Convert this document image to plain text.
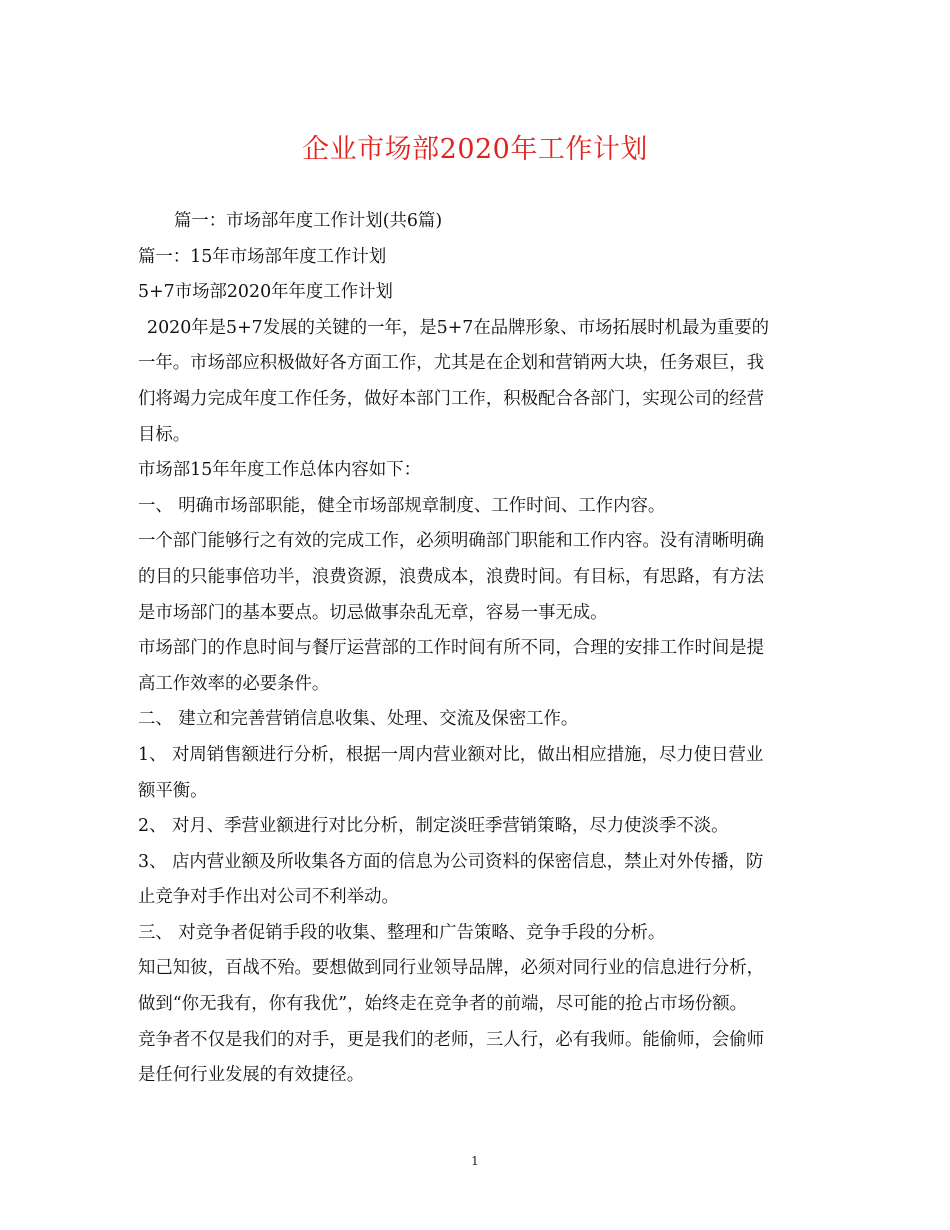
企业市场部2020年工作计划
篇一：市场部年度工作计划(共6篇)
篇一：15年市场部年度工作计划
5+7市场部2020年年度工作计划
2020年是5+7发展的关键的一年，是5+7在品牌形象、市场拓展时机最为重要的
一年。市场部应积极做好各方面工作，尤其是在企划和营销两大块，任务艰巨，我
们将竭力完成年度工作任务，做好本部门工作，积极配合各部门，实现公司的经营
目标。
市场部15年年度工作总体内容如下：
一、 明确市场部职能，健全市场部规章制度、工作时间、工作内容。
一个部门能够行之有效的完成工作，必须明确部门职能和工作内容。没有清晰明确
的目的只能事倍功半，浪费资源，浪费成本，浪费时间。有目标，有思路，有方法
是市场部门的基本要点。切忌做事杂乱无章，容易一事无成。
市场部门的作息时间与餐厅运营部的工作时间有所不同，合理的安排工作时间是提
高工作效率的必要条件。
二、 建立和完善营销信息收集、处理、交流及保密工作。
1、 对周销售额进行分析，根据一周内营业额对比，做出相应措施，尽力使日营业
额平衡。
2、 对月、季营业额进行对比分析，制定淡旺季营销策略，尽力使淡季不淡。
3、 店内营业额及所收集各方面的信息为公司资料的保密信息，禁止对外传播，防
止竞争对手作出对公司不利举动。
三、 对竞争者促销手段的收集、整理和广告策略、竞争手段的分析。
知己知彼，百战不殆。要想做到同行业领导品牌，必须对同行业的信息进行分析，
做到“你无我有，你有我优”，始终走在竞争者的前端，尽可能的抢占市场份额。
竞争者不仅是我们的对手，更是我们的老师，三人行，必有我师。能偷师，会偷师
是任何行业发展的有效捷径。
1
